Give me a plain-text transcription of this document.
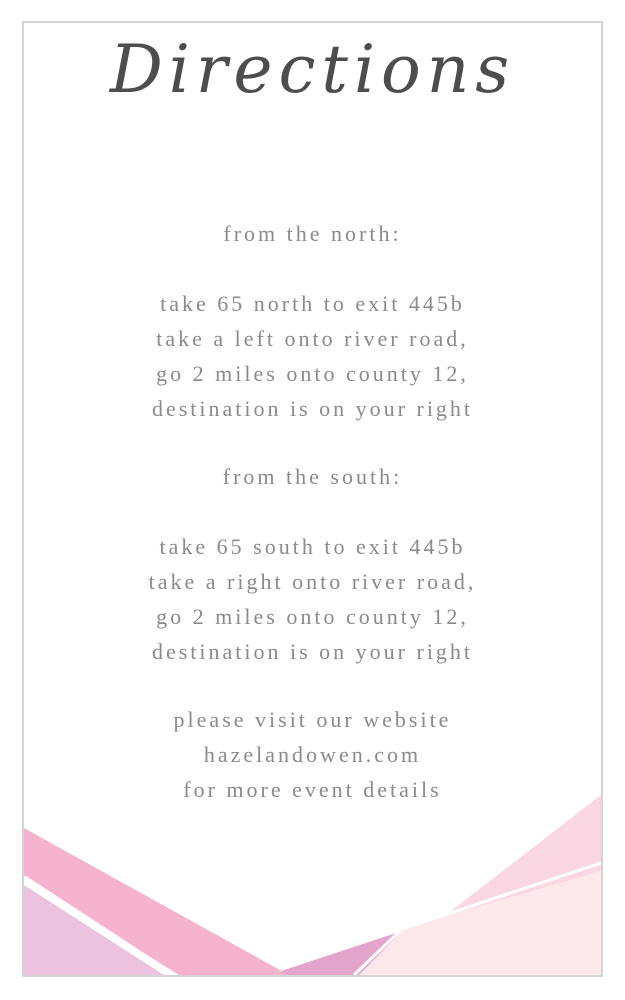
Directions
from the north:
take 65 north to exit 445b
take a left onto river road,
go 2 miles onto county 12,
destination is on your right
from the south:
take 65 south to exit 445b
take a right onto river road,
go 2 miles onto county 12,
destination is on your right
please visit our website
hazelandowen.com
for more event details
